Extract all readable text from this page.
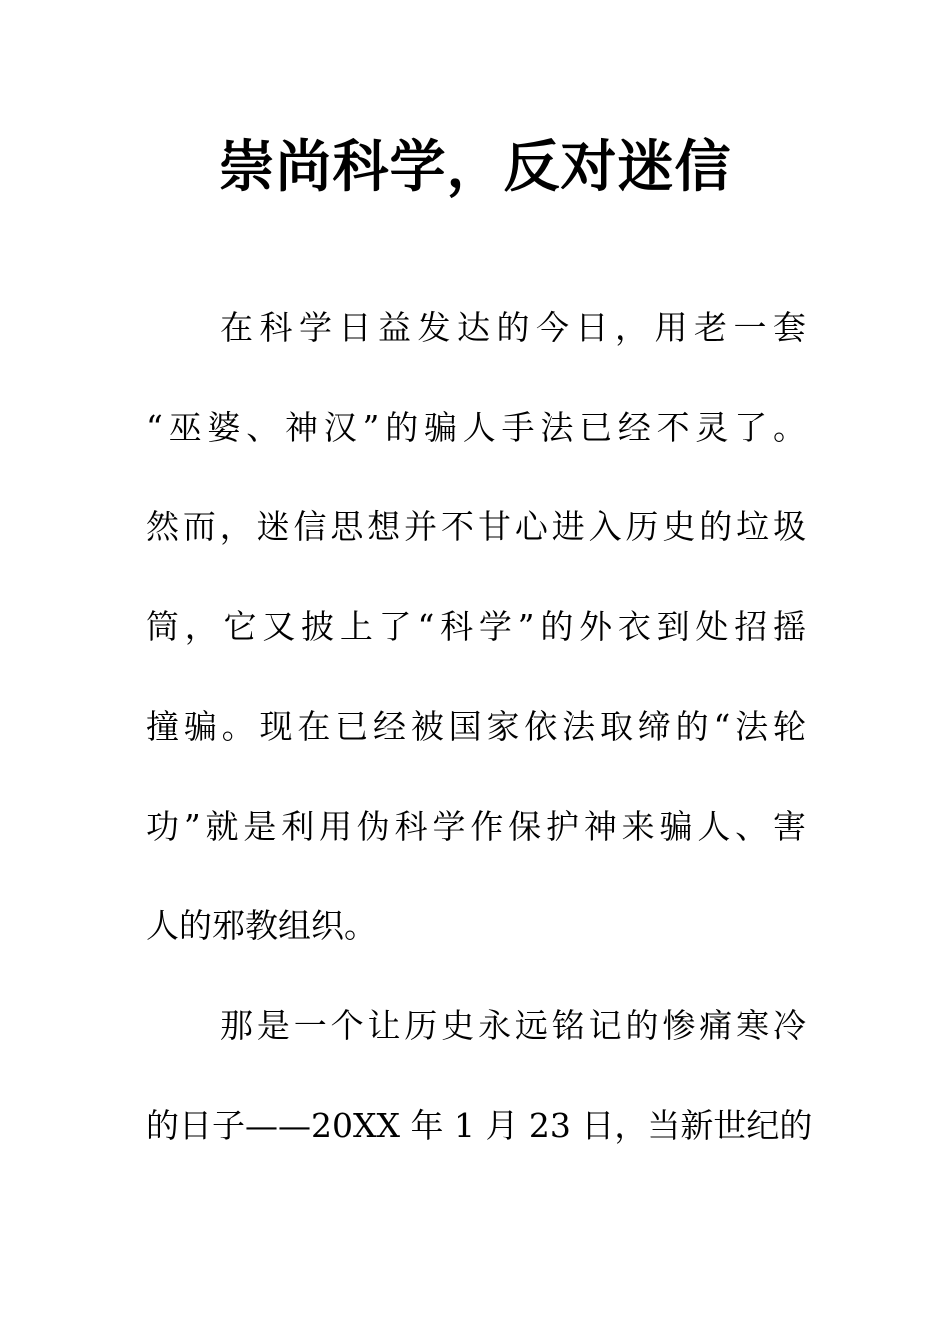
崇尚科学，反对迷信
在科学日益发达的今日，用老一套
“巫婆、神汉”的骗人手法已经不灵了。
然而，迷信思想并不甘心进入历史的垃圾
筒，它又披上了“科学”的外衣到处招摇
撞骗。现在已经被国家依法取缔的“法轮
功”就是利用伪科学作保护神来骗人、害
人的邪教组织。
那是一个让历史永远铭记的惨痛寒冷
的日子——20XX 年 1 月 23 日，当新世纪的
